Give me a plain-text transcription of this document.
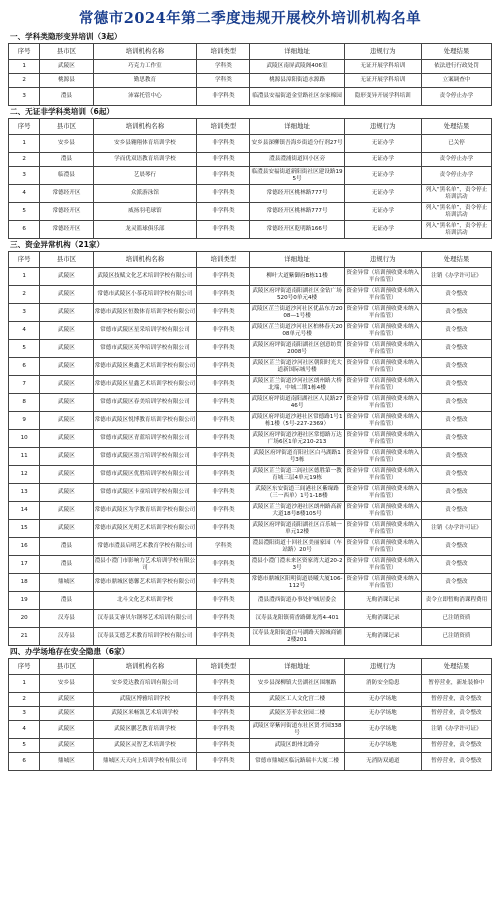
常德市2024年第二季度违规开展校外培训机构名单
一、学科类隐形变异培训（3起）
序号	县市区	培训机构名称	培训类型	详细地址	违规行为	处理结果
1	武陵区	巧克力工作室	学科类	武陵区南屏武陵阁406室	无证开展学科培训	依法进行行政处罚
2	桃源县	勤思教育	学科类	桃源县漳阳街道水源路	无证开展学科培训	立案调查中
3	澧县	沛霖托管中心	非学科类	临澧县安福街道金堂路社区奈家棉园	隐形变异开展学科培训	责令停止办学
二、无证非学科类培训（6起）
序号	县市区	培训机构名称	培训类型	详细地址	违规行为	处理结果
1	安乡县	安乡县翱翔体育培训学校	非学科类	安乡县深柳镇吾海乡街道分行剂27号	无证办学	已关停
2	澧县	学而优双语教育培训学校	非学科类	澧县澧浦街道回小区旁	无证办学	责令停止办学
3	临澧县	艺晨琴行	非学科类	临澧县安福街道新阳街社区建设路195号	无证办学	责令停止办学
4	常德经开区	众派游泳馆	非学科类	常德经开区桃林路777号	无证办学	列入“黑名单”，责令停止培训活动
5	常德经开区	威扬羽毛球馆	非学科类	常德经开区桃林路777号	无证办学	列入“黑名单”，责令停止培训活动
6	常德经开区	龙灵篮球俱乐部	非学科类	常德经开区乾明路166号	无证办学	列入“黑名单”，责令停止培训活动
三、资金异常机构（21家）
序号	县市区	培训机构名称	培训类型	详细地址	违规行为	处理结果
1	武陵区	武陵区技赋文化艺术培训学校有限公司	非学科类	柳叶大道紫御府B栋11楼	资金异常（培训预收费未纳入平台监管）	注销《办学许可证》
2	武陵区	常德市武陵区小茶花培训学校有限公司	非学科类	武陵区府坪街道南阳湖社区金钻广场520号0单元4楼	资金异常（培训预收费未纳入平台监管）	责令整改
3	武陵区	常德市武陵区恒数体育培训学校有限公司	非学科类	武陵区芷兰街道沙河社区优品东方2008—1号楼	资金异常（培训预收费未纳入平台监管）	责令整改
4	武陵区	常德市武陵区星采培训学校有限公司	非学科类	武陵区芷兰街道沙河社区柏林春天2008单元号楼	资金异常（培训预收费未纳入平台监管）	责令整改
5	武陵区	常德市武陵区英华培训学校有限公司	非学科类	武陵区府坪街道南阳湖社区创意纺贸2008号	资金异常（培训预收费未纳入平台监管）	责令整改
6	武陵区	常德市武陵区奥鑫艺术培训学校有限公司	非学科类	武陵区芷兰街道沙河社区朝阳时光大道新国际城号楼	资金异常（培训预收费未纳入平台监管）	责令整改
7	武陵区	常德市武陵区星鑫艺术培训学校有限公司	非学科类	武陵区芷兰街道沙河社区朗州路大桥北端，中城二期1栋4楼	资金异常（培训预收费未纳入平台监管）	责令整改
8	武陵区	常德市武陵区春美培训学校有限公司	非学科类	武陵区府坪街道南阳湖社区人民路2746号	资金异常（培训预收费未纳入平台监管）	责令整改
9	武陵区	常德市武陵区悦博教育培训学校有限公司	非学科类	武陵区府坪街道沙港社区常德路1号1栋1楼（5号-227-2369）	资金异常（培训预收费未纳入平台监管）	责令整改
10	武陵区	常德市武陵区青蓝培训学校有限公司	非学科类	武陵区府坪街道沙港社区常德路万达广场6区1单元210-213	资金异常（培训预收费未纳入平台监管）	责令整改
11	武陵区	常德市武陵区墨言培训学校有限公司	非学科类	武陵区府坪街道育阳社区白马湖路1号3栋	资金异常（培训预收费未纳入平台监管）	责令整改
12	武陵区	常德市武陵区优胜培训学校有限公司	非学科类	武陵区芷兰街道三闾社区德胜第一教育城三层4单元19栋	资金异常（培训预收费未纳入平台监管）	责令整改
13	武陵区	常德市武陵区卡童培训学校有限公司	非学科类	武陵区东安街道三闾港社区紫缘路（三一西单）1号1-18楼	资金异常（培训预收费未纳入平台监管）	责令整改
14	武陵区	常德市武陵区为学教育培训学校有限公司	非学科类	武陵区芷兰街道沙港社区朗州路高新大道18号8楼105号	资金异常（培训预收费未纳入平台监管）	责令整改
15	武陵区	常德市武陵区光明艺术培训学校有限公司	非学科类	武陵区府坪街道南阳湖社区百乐城一单元12楼	资金异常（培训预收费未纳入平台监管）	注销《办学许可证》
16	澧县	常德市澧县启明艺术教育学校有限公司	学科类	澧县澧阳街道十回社区美丽家园（车站路）20号	资金异常（培训预收费未纳入平台监管）	责令整改
17	澧县	澧县小澧门市影响力艺术培训学校有限公司	非学科类	澧县小澧门澧未来区资家湾大道20-23号	资金异常（培训预收费未纳入平台监管）	责令整改
18	鼎城区	常德市鼎城区德馨艺术培训学校有限公司	非学科类	常德市鼎城区阳明街道晨曦大厦106-112号	资金异常（培训预收费未纳入平台监管）	责令整改
19	澧县	北斗文化艺术培训学校	非学科类	澧县澧西街道办事处护城居委会	无购消课记录	责令立即暂购消课程费用
20	汉寿县	汉寿县艾睿贝尔钢琴艺术培训有限公司	非学科类	汉寿县龙阳镇荷香路御龙湾4-401	无购消课记录	已注销资质
21	汉寿县	汉寿县艾德艺术教育培训学校有限公司	非学科类	汉寿县龙阳街道白马湖路天源城商铺2楼201	无购消课记录	已注销资质
四、办学场地存在安全隐患（6家）
序号	县市区	培训机构名称	培训类型	详细地址	违规行为	处理结果
1	安乡县	安乡爱达教育培训有限公司	非学科类	安乡县深柳镇大岳湖社区围堰路	消防安全隐患	暂停营业，新址装修中
2	武陵区	武陵区博雅培训学校	非学科类	武陵区工人文化宫二楼	无办学场地	暂停营业，责令整改
3	武陵区	武陵区米畅凯艺术培训学校	非学科类	武陵区芳菲农业园二楼	无办学场地	暂停营业，责令整改
4	武陵区	武陵区鹏艺教育培训学校	非学科类	武陵区穿紫河街道东社区贤才园338号	无办学场地	注销《办学许可证》
5	武陵区	武陵区灵智艺术培训学校	非学科类	武陵区朗州北路旁	无办学场地	暂停营业，责令整改
6	鼎城区	鼎城区天天向上培训学校有限公司	非学科类	常德市鼎城区临沅路瑞丰大厦二楼	无消防双通道	暂停营业，责令整改
